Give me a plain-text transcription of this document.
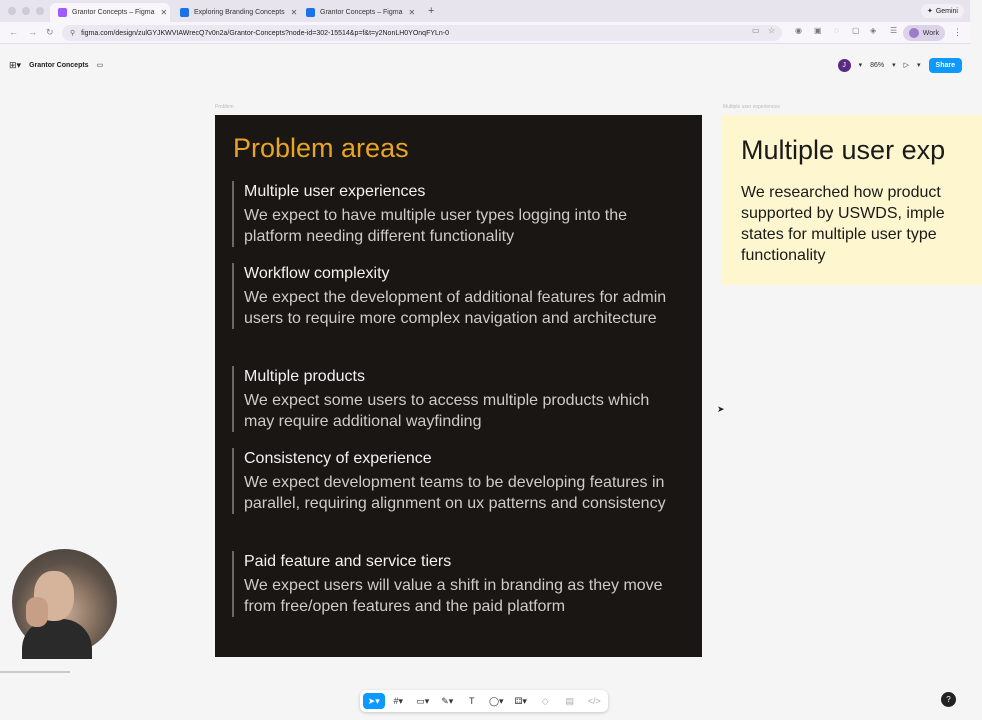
Grantor Concepts – Figma ✕	Exploring Branding Concepts ✕	Grantor Concepts – Figma ✕ +	✦ Gemini
← → ↻ ⚲ figma.com/design/zulGYJKWVIAWrecQ7v0n2a/Grantor-Concepts?node-id=302-15514&p=f&t=y2NonLH0YOnqFYLn-0	▭ ☆ ◉ ▣ ◌ ▢ ◈ ☰	Work ⋮
⊞▾ Grantor Concepts ▭	J	▾ 86% ▾ ▷ ▾	Share
Problem	Multiple user experiences
Problem areas
Multiple user experiences
We expect to have multiple user types logging into the platform needing different functionality
Workflow complexity
We expect the development of additional features for admin users to require more complex navigation and architecture
Multiple products
We expect some users to access multiple products which may require additional wayfinding
Consistency of experience
We expect development teams to be developing features in parallel, requiring alignment on ux patterns and consistency
Paid feature and service tiers
We expect users will value a shift in branding as they move from free/open features and the paid platform
Multiple user exp
We researched how product
supported by USWDS, imple
states for multiple user type
functionality
➤
➤▾	#▾	▭▾	✎▾	T	◯▾	⚃▾	◇	▤	</>	?
